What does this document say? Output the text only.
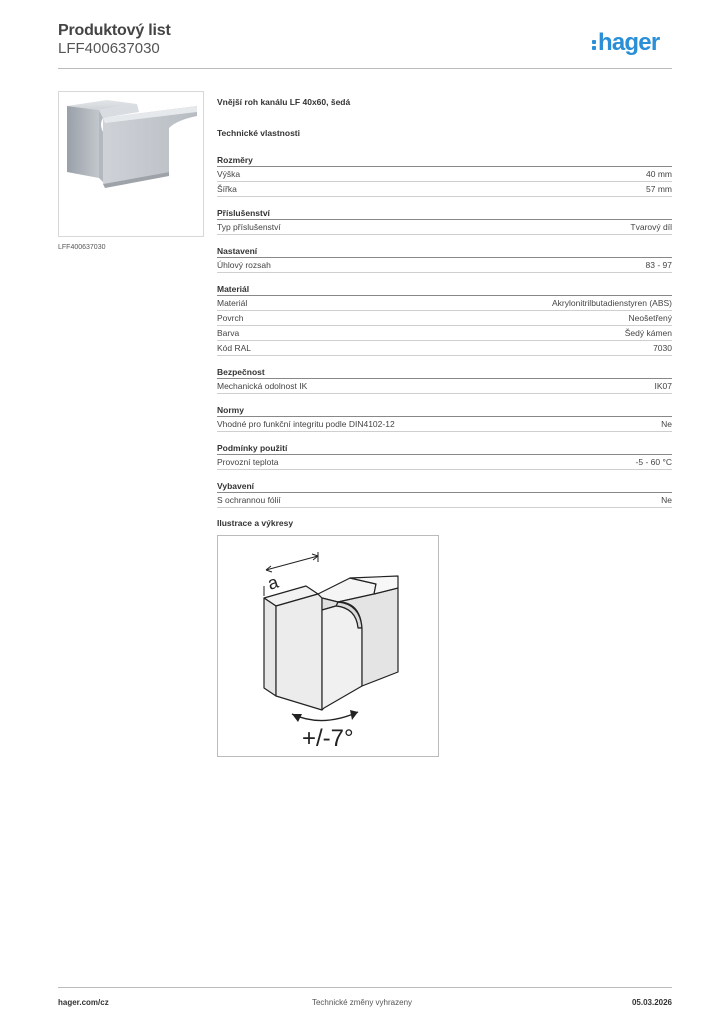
Produktový list
LFF400637030	hager
LFF400637030
Vnější roh kanálu LF 40x60, šedá
Technické vlastnosti
Rozměry
Výška	40 mm
Šířka	57 mm
Příslušenství
Typ příslušenství	Tvarový díl
Nastavení
Úhlový rozsah	83 - 97
Materiál
Materiál	Akrylonitrilbutadienstyren (ABS)
Povrch	Neošetřený
Barva	Šedý kámen
Kód RAL	7030
Bezpečnost
Mechanická odolnost IK	IK07
Normy
Vhodné pro funkční integritu podle DIN4102-12	Ne
Podmínky použití
Provozní teplota	-5 - 60 °C
Vybavení
S ochrannou fólií	Ne
Ilustrace a výkresy
a
+/-7°
hager.com/cz	Technické změny vyhrazeny	05.03.2026
